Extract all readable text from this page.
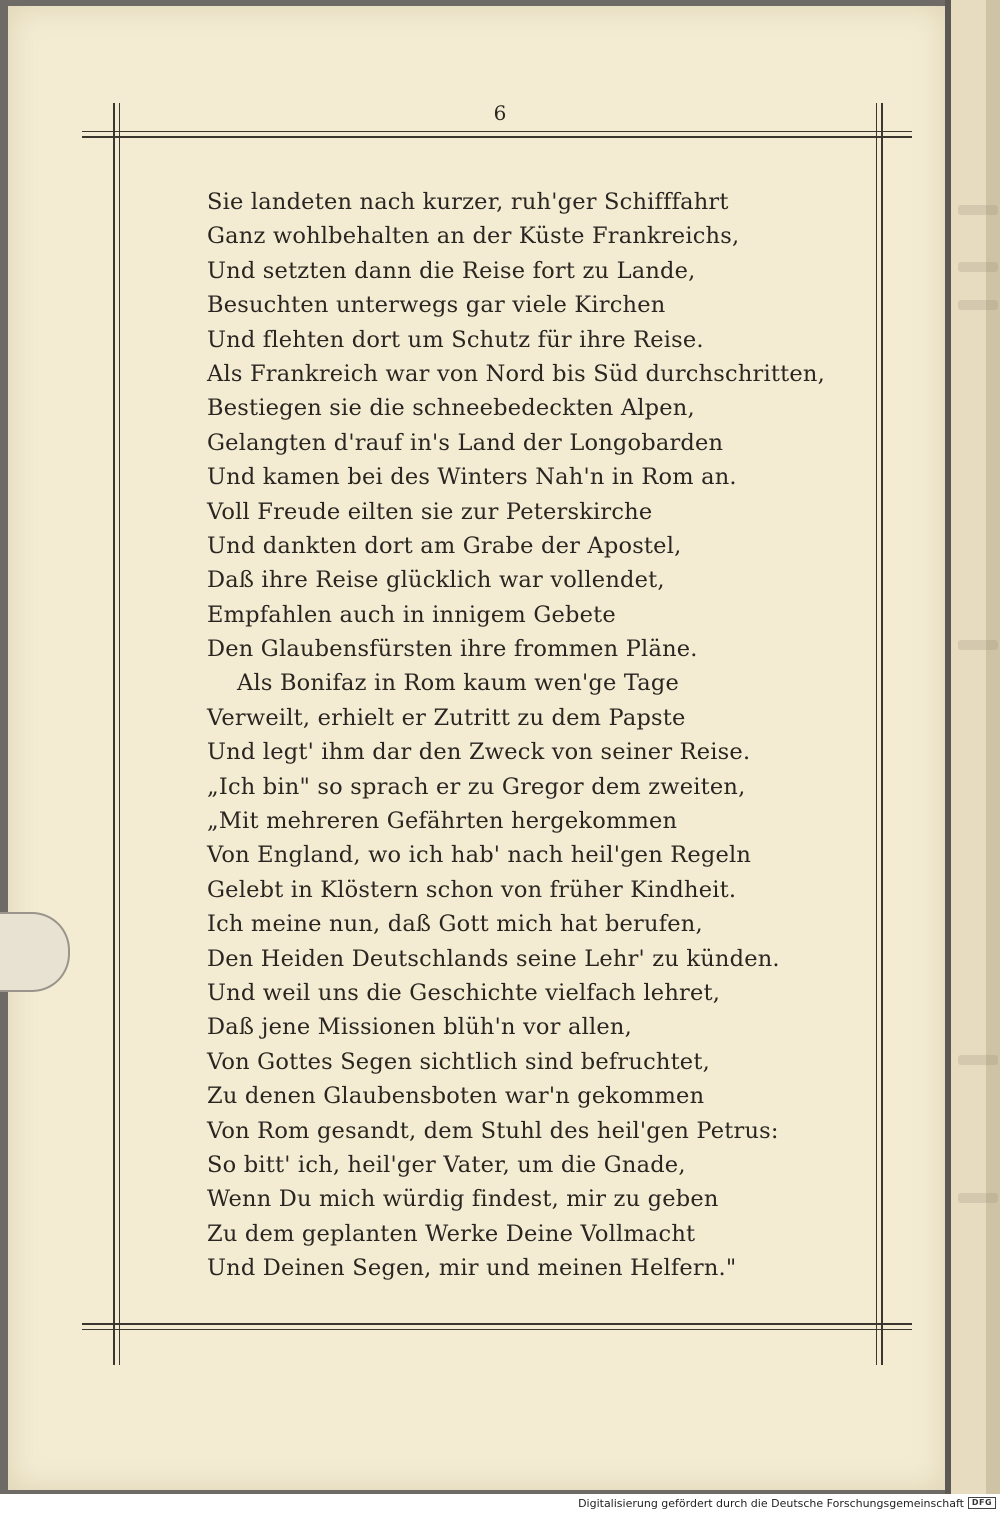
6
Sie landeten nach kurzer, ruh'ger Schifffahrt
Ganz wohlbehalten an der Küste Frankreichs,
Und setzten dann die Reise fort zu Lande,
Besuchten unterwegs gar viele Kirchen
Und flehten dort um Schutz für ihre Reise.
Als Frankreich war von Nord bis Süd durchschritten,
Bestiegen sie die schneebedeckten Alpen,
Gelangten d'rauf in's Land der Longobarden
Und kamen bei des Winters Nah'n in Rom an.
Voll Freude eilten sie zur Peterskirche
Und dankten dort am Grabe der Apostel,
Daß ihre Reise glücklich war vollendet,
Empfahlen auch in innigem Gebete
Den Glaubensfürsten ihre frommen Pläne.
Als Bonifaz in Rom kaum wen'ge Tage
Verweilt, erhielt er Zutritt zu dem Papste
Und legt' ihm dar den Zweck von seiner Reise.
„Ich bin" so sprach er zu Gregor dem zweiten,
„Mit mehreren Gefährten hergekommen
Von England, wo ich hab' nach heil'gen Regeln
Gelebt in Klöstern schon von früher Kindheit.
Ich meine nun, daß Gott mich hat berufen,
Den Heiden Deutschlands seine Lehr' zu künden.
Und weil uns die Geschichte vielfach lehret,
Daß jene Missionen blüh'n vor allen,
Von Gottes Segen sichtlich sind befruchtet,
Zu denen Glaubensboten war'n gekommen
Von Rom gesandt, dem Stuhl des heil'gen Petrus:
So bitt' ich, heil'ger Vater, um die Gnade,
Wenn Du mich würdig findest, mir zu geben
Zu dem geplanten Werke Deine Vollmacht
Und Deinen Segen, mir und meinen Helfern."
Digitalisierung gefördert durch die Deutsche Forschungsgemeinschaft DFG
